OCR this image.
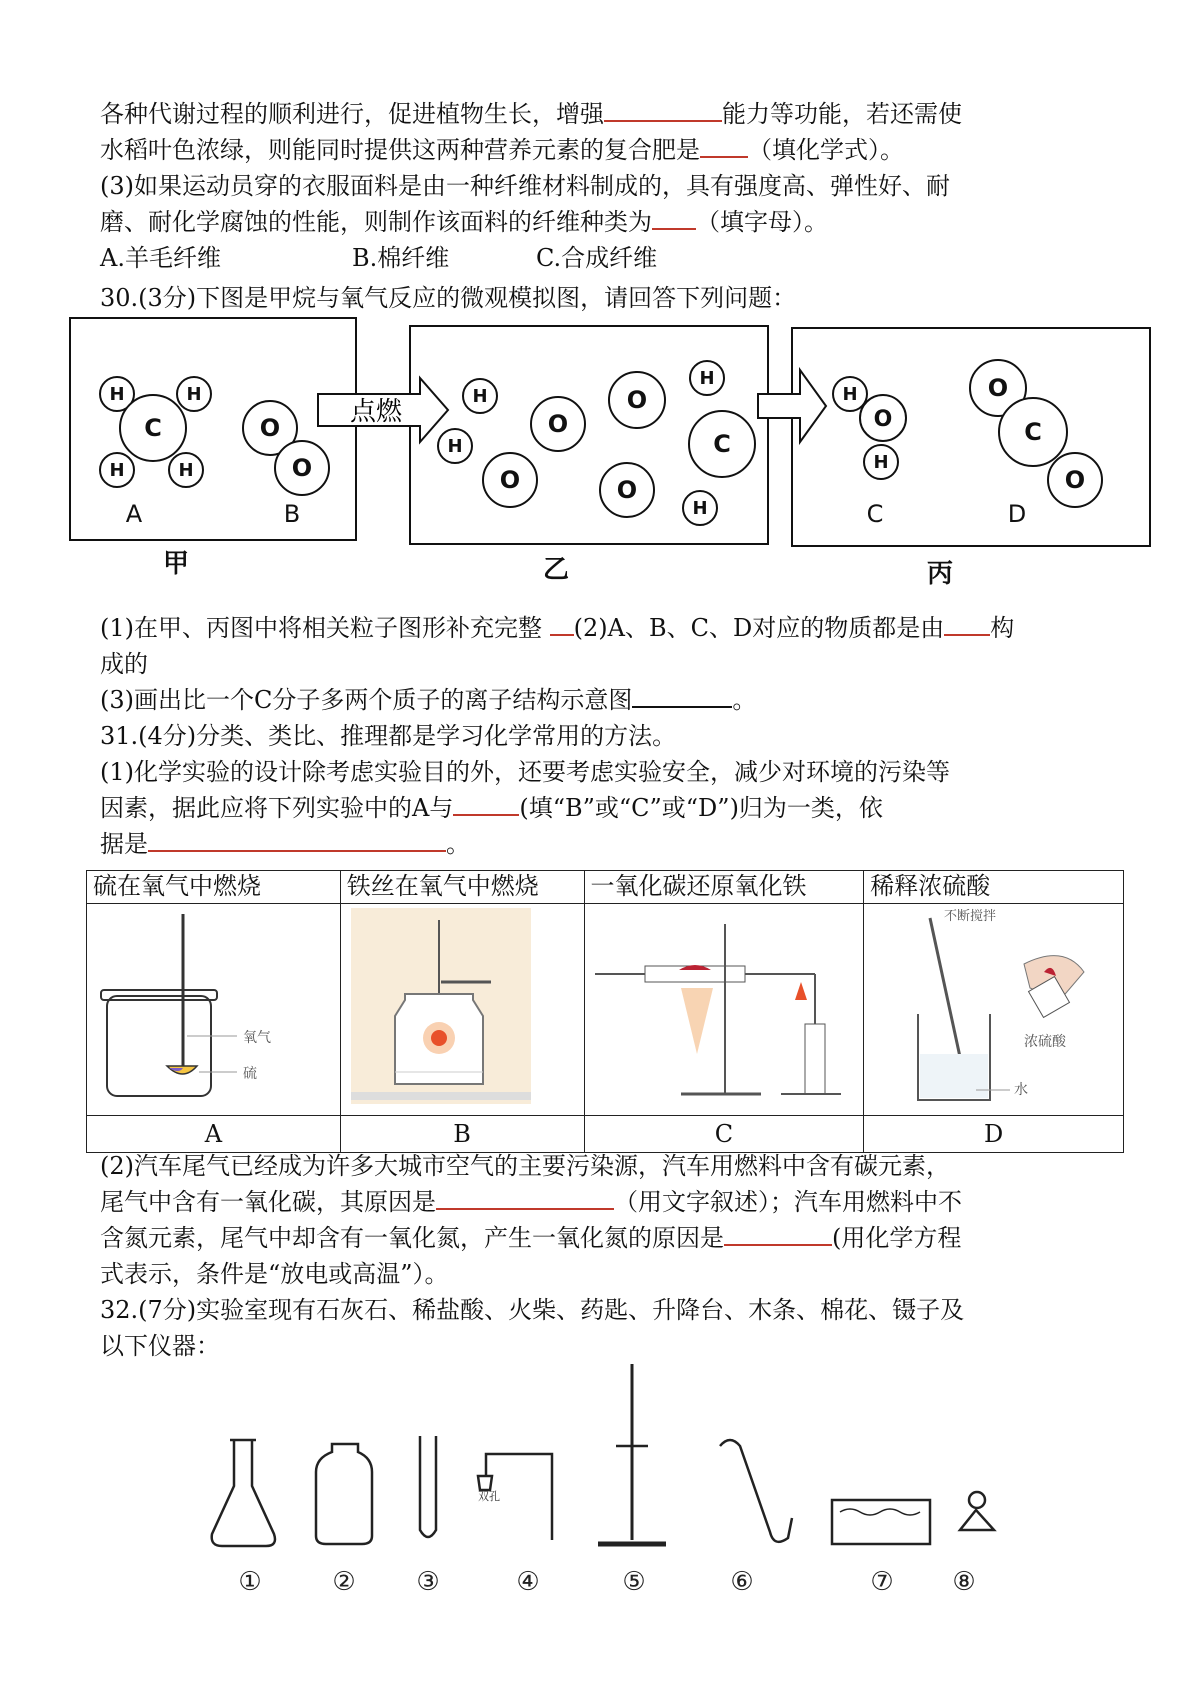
各种代谢过程的顺利进行，促进植物生长，增强	能力等功能，若还需使
水稻叶色浓绿，则能同时提供这两种营养元素的复合肥是 （填化学式）。
(3)如果运动员穿的衣服面料是由一种纤维材料制成的，具有强度高、弹性好、耐
磨、耐化学腐蚀的性能，则制作该面料的纤维种类为 （填字母）。
A.羊毛纤维	B.棉纤维	C.合成纤维
30.(3分)下图是甲烷与氧气反应的微观模拟图，请回答下列问题：
点燃
H	H
C
H	H
O
O
H
H
O
O
H
C
O	O
H
H
O
H
O
C
O
A	B	C	D
甲	乙	丙
(1)在甲、丙图中将相关粒子图形补充完整 (2)A、B、C、D对应的物质都是由 构
成的
(3)画出比一个C分子多两个质子的离子结构示意图	。
31.(4分)分类、类比、推理都是学习化学常用的方法。
(1)化学实验的设计除考虑实验目的外，还要考虑实验安全，减少对环境的污染等
因素，据此应将下列实验中的A与	(填“B”或“C”或“D”)归为一类，依
据是	。
硫在氧气中燃烧	铁丝在氧气中燃烧	一氧化碳还原氧化铁	稀释浓硫酸

氧气
硫			不断搅拌
浓硫酸
水

A	B	C	D
(2)汽车尾气已经成为许多大城市空气的主要污染源，汽车用燃料中含有碳元素，
尾气中含有一氧化碳，其原因是	（用文字叙述）；汽车用燃料中不
含氮元素，尾气中却含有一氧化氮，产生一氧化氮的原因是	(用化学方程
式表示，条件是“放电或高温”）。
32.(7分)实验室现有石灰石、稀盐酸、火柴、药匙、升降台、木条、棉花、镊子及
以下仪器：
双孔
①	② ③	④	⑤	⑥	⑦ ⑧
